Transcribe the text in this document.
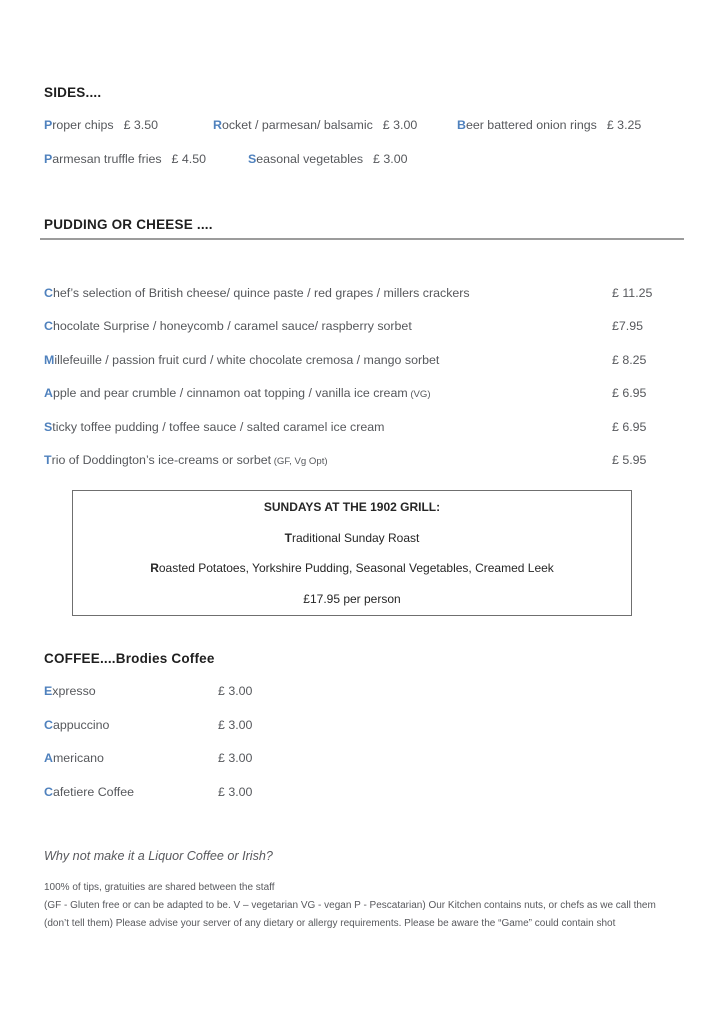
SIDES....
Proper chips £ 3.50	Rocket / parmesan/ balsamic £ 3.00	Beer battered onion rings £ 3.25
Parmesan truffle fries £ 4.50	Seasonal vegetables £ 3.00
PUDDING OR CHEESE ....
Chef’s selection of British cheese/ quince paste / red grapes / millers crackers	£ 11.25
Chocolate Surprise / honeycomb / caramel sauce/ raspberry sorbet	£7.95
Millefeuille / passion fruit curd / white chocolate cremosa / mango sorbet	£ 8.25
Apple and pear crumble / cinnamon oat topping / vanilla ice cream (VG)	£ 6.95
Sticky toffee pudding / toffee sauce / salted caramel ice cream	£ 6.95
Trio of Doddington’s ice-creams or sorbet (GF, Vg Opt)	£ 5.95
SUNDAYS AT THE 1902 GRILL:
Traditional Sunday Roast
Roasted Potatoes, Yorkshire Pudding, Seasonal Vegetables, Creamed Leek
£17.95 per person
COFFEE....Brodies Coffee
Expresso	£ 3.00
Cappuccino	£ 3.00
Americano	£ 3.00
Cafetiere Coffee	£ 3.00
Why not make it a Liquor Coffee or Irish?
100% of tips, gratuities are shared between the staff
(GF - Gluten free or can be adapted to be. V – vegetarian VG - vegan P - Pescatarian) Our Kitchen contains nuts, or chefs as we call them (don’t tell them) Please advise your server of any dietary or allergy requirements. Please be aware the “Game” could contain shot
